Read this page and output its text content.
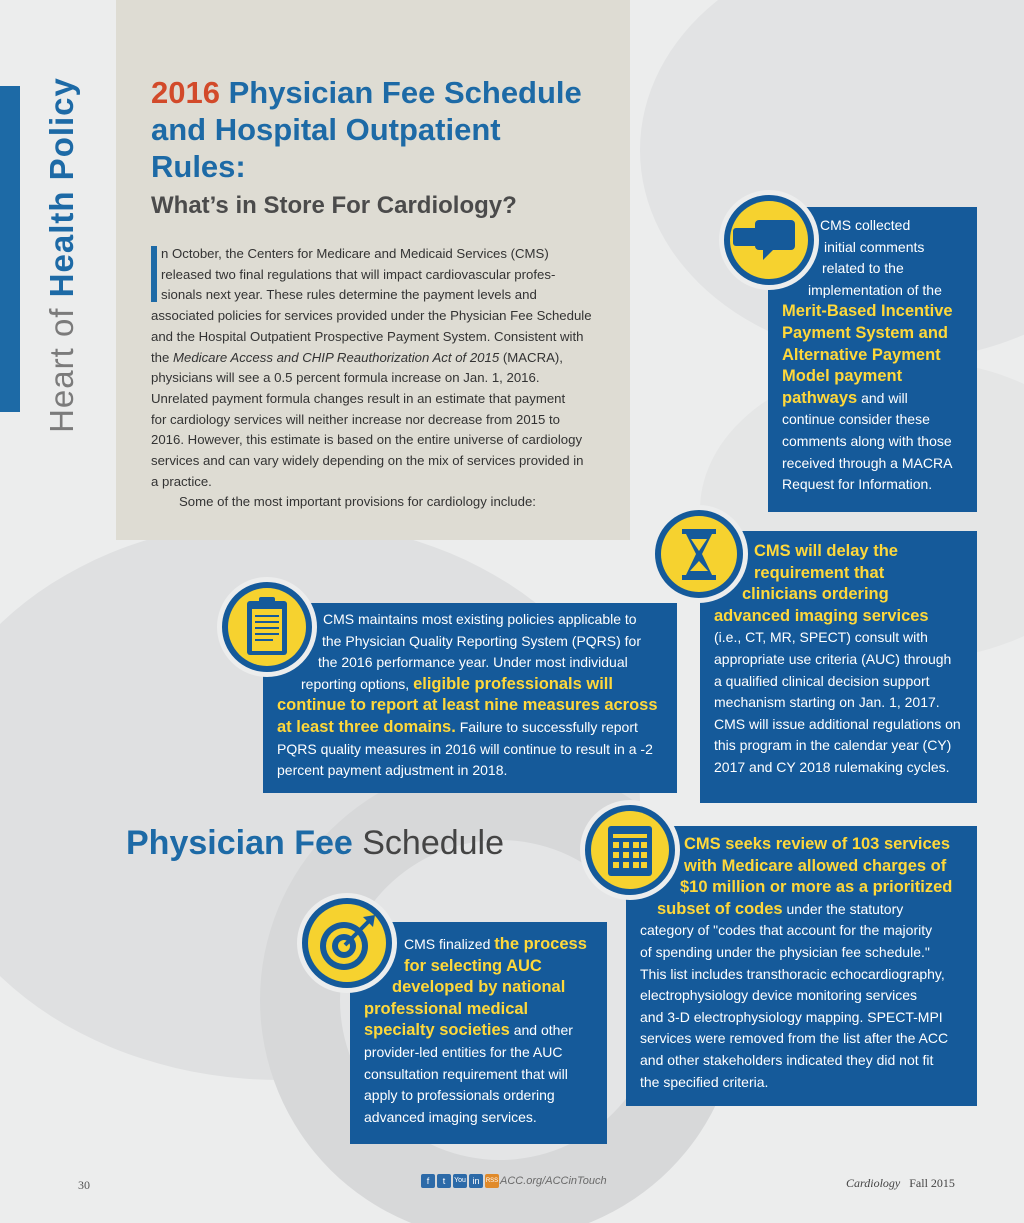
Heart of Health Policy 2016 Physician Fee Schedule and Hospital Outpatient Rules:
What’s in Store For Cardiology?

n October, the Centers for Medicare and Medicaid Services (CMS)
released two final regulations that will impact cardiovascular profes-
sionals next year. These rules determine the payment levels and
associated policies for services provided under the Physician Fee Schedule
and the Hospital Outpatient Prospective Payment System. Consistent with
the Medicare Access and CHIP Reauthorization Act of 2015 (MACRA),
physicians will see a 0.5 percent formula increase on Jan. 1, 2016.
Unrelated payment formula changes result in an estimate that payment
for cardiology services will neither increase nor decrease from 2015 to
2016. However, this estimate is based on the entire universe of cardiology
services and can vary widely depending on the mix of services provided in
a practice.

Some of the most important provisions for cardiology include:

CMS collected
initial comments
related to the
implementation of the
Merit-Based Incentive
Payment System and
Alternative Payment
Model payment
pathways and will
continue consider these
comments along with those
received through a MACRA
Request for Information.
CMS will delay the
requirement that
clinicians ordering
advanced imaging services
(i.e., CT, MR, SPECT) consult with
appropriate use criteria (AUC) through
a qualified clinical decision support
mechanism starting on Jan. 1, 2017.
CMS will issue additional regulations on
this program in the calendar year (CY)
2017 and CY 2018 rulemaking cycles.
CMS maintains most existing policies applicable to
the Physician Quality Reporting System (PQRS) for
the 2016 performance year. Under most individual
reporting options, eligible professionals will
continue to report at least nine measures across
at least three domains. Failure to successfully report
PQRS quality measures in 2016 will continue to result in a -2
percent payment adjustment in 2018.
Physician Fee Schedule	CMS seeks review of 103 services
with Medicare allowed charges of
$10 million or more as a prioritized
subset of codes under the statutory
category of "codes that account for the majority
of spending under the physician fee schedule."
This list includes transthoracic echocardiography,
electrophysiology device monitoring services
and 3-D electrophysiology mapping. SPECT-MPI
services were removed from the list after the ACC
and other stakeholders indicated they did not fit
the specified criteria.
CMS finalized the process
for selecting AUC
developed by national
professional medical
specialty societies and other
provider-led entities for the AUC
consultation requirement that will
apply to professionals ordering
advanced imaging services.
30	f	t	You in	RSS ACC.org/ACCinTouch	Cardiology Fall 2015
